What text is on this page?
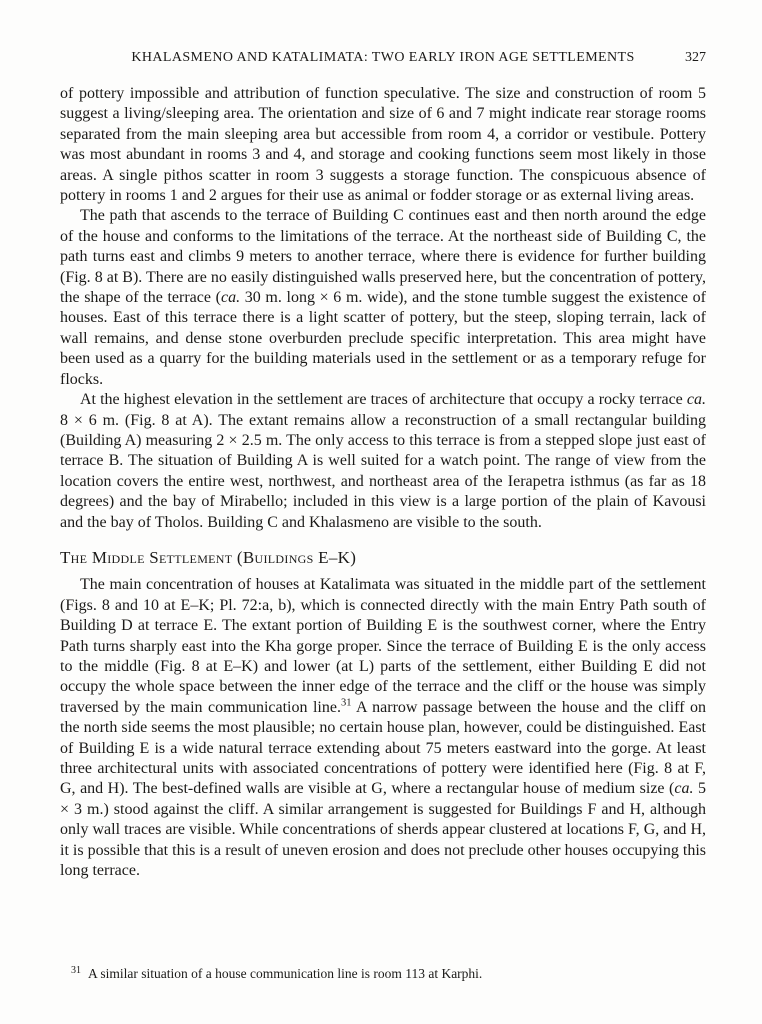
KHALASMENO AND KATALIMATA: TWO EARLY IRON AGE SETTLEMENTS	327

of pottery impossible and attribution of function speculative. The size and construction of room 5 suggest a living/sleeping area. The orientation and size of 6 and 7 might indicate rear storage rooms separated from the main sleeping area but accessible from room 4, a corridor or vestibule. Pottery was most abundant in rooms 3 and 4, and storage and cooking functions seem most likely in those areas. A single pithos scatter in room 3 suggests a storage function. The conspicuous absence of pottery in rooms 1 and 2 argues for their use as animal or fodder storage or as external living areas.

The path that ascends to the terrace of Building C continues east and then north around the edge of the house and conforms to the limitations of the terrace. At the northeast side of Building C, the path turns east and climbs 9 meters to another terrace, where there is evidence for further building (Fig. 8 at B). There are no easily distinguished walls preserved here, but the concentration of pottery, the shape of the terrace (ca. 30 m. long × 6 m. wide), and the stone tumble suggest the existence of houses. East of this terrace there is a light scatter of pottery, but the steep, sloping terrain, lack of wall remains, and dense stone overburden preclude specific interpretation. This area might have been used as a quarry for the building materials used in the settlement or as a temporary refuge for flocks.

At the highest elevation in the settlement are traces of architecture that occupy a rocky terrace ca. 8 × 6 m. (Fig. 8 at A). The extant remains allow a reconstruction of a small rectangular building (Building A) measuring 2 × 2.5 m. The only access to this terrace is from a stepped slope just east of terrace B. The situation of Building A is well suited for a watch point. The range of view from the location covers the entire west, northwest, and northeast area of the Ierapetra isthmus (as far as 18 degrees) and the bay of Mirabello; included in this view is a large portion of the plain of Kavousi and the bay of Tholos. Building C and Khalasmeno are visible to the south.

The Middle Settlement (Buildings E–K)

The main concentration of houses at Katalimata was situated in the middle part of the settlement (Figs. 8 and 10 at E–K; Pl. 72:a, b), which is connected directly with the main Entry Path south of Building D at terrace E. The extant portion of Building E is the southwest corner, where the Entry Path turns sharply east into the Kha gorge proper. Since the terrace of Building E is the only access to the middle (Fig. 8 at E–K) and lower (at L) parts of the settlement, either Building E did not occupy the whole space between the inner edge of the terrace and the cliff or the house was simply traversed by the main communication line.$^{31}$ A narrow passage between the house and the cliff on the north side seems the most plausible; no certain house plan, however, could be distinguished. East of Building E is a wide natural terrace extending about 75 meters eastward into the gorge. At least three architectural units with associated concentrations of pottery were identified here (Fig. 8 at F, G, and H). The best-defined walls are visible at G, where a rectangular house of medium size (ca. 5 × 3 m.) stood against the cliff. A similar arrangement is suggested for Buildings F and H, although only wall traces are visible. While concentrations of sherds appear clustered at locations F, G, and H, it is possible that this is a result of uneven erosion and does not preclude other houses occupying this long terrace.

$^{31}$ A similar situation of a house communication line is room 113 at Karphi.
